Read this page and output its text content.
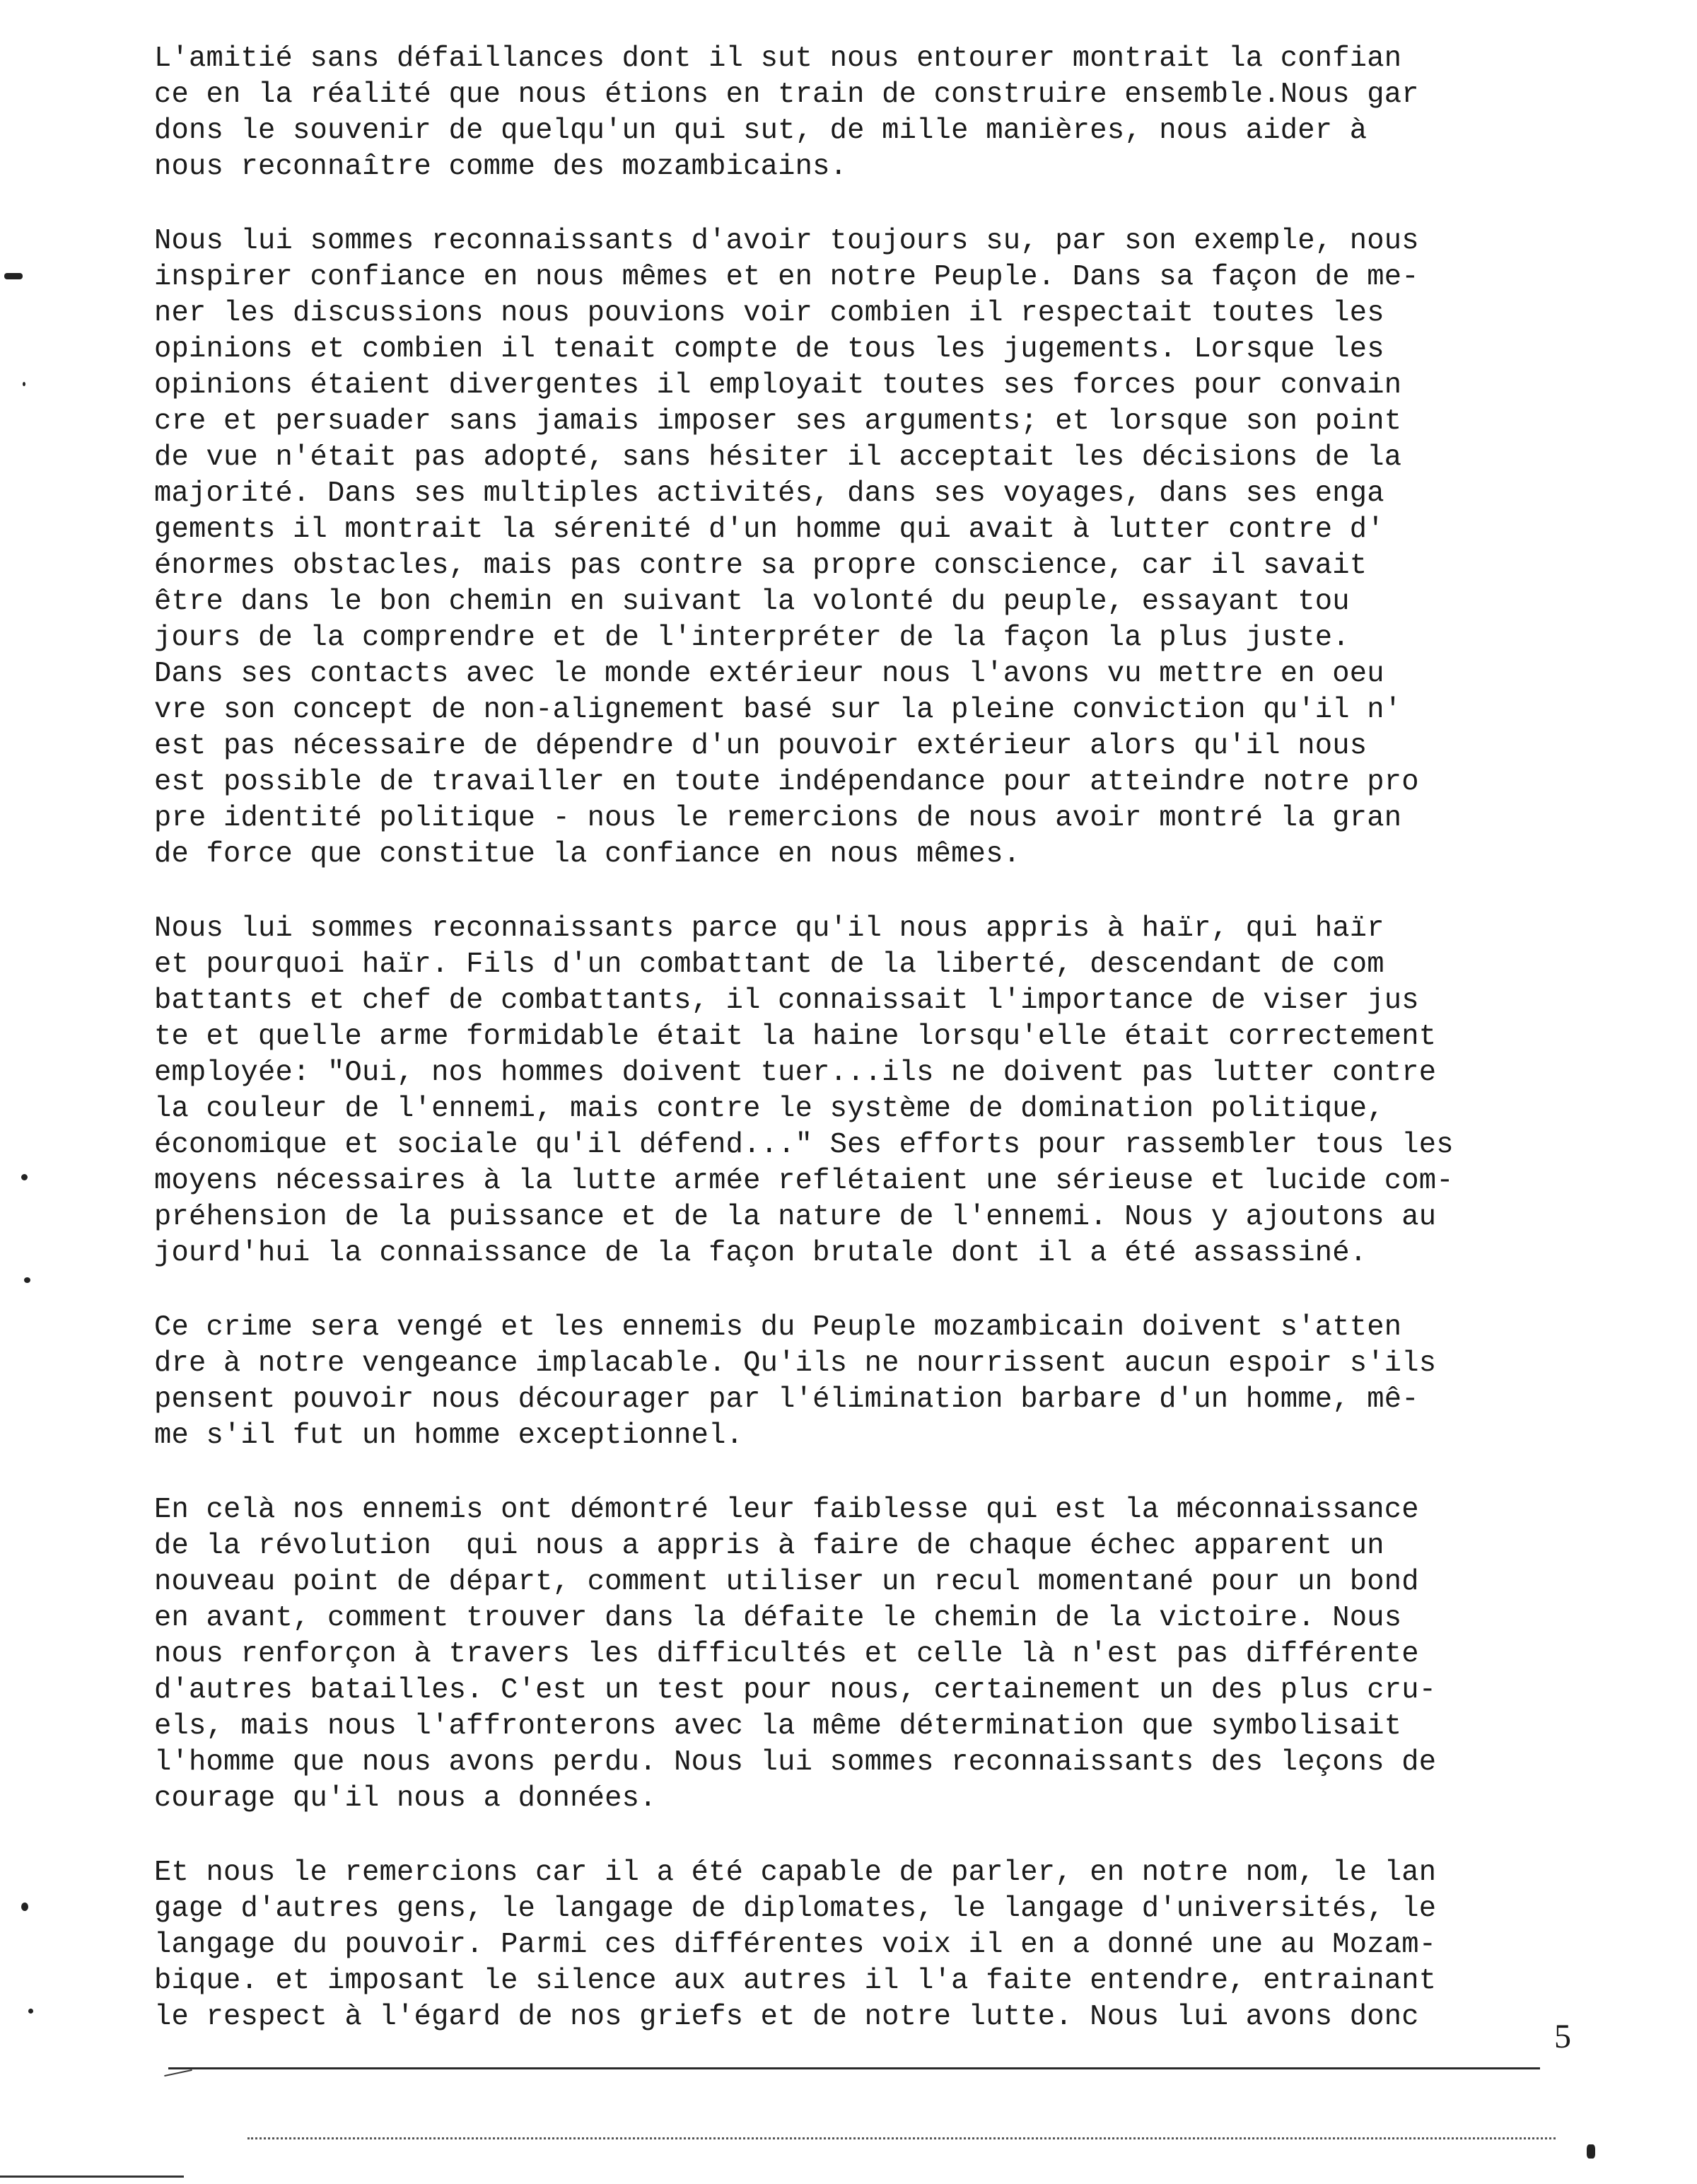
L'amitié sans défaillances dont il sut nous entourer montrait la confian
ce en la réalité que nous étions en train de construire ensemble.Nous gar
dons le souvenir de quelqu'un qui sut, de mille manières, nous aider à
nous reconnaître comme des mozambicains.

Nous lui sommes reconnaissants d'avoir toujours su, par son exemple, nous
inspirer confiance en nous mêmes et en notre Peuple. Dans sa façon de me-
ner les discussions nous pouvions voir combien il respectait toutes les
opinions et combien il tenait compte de tous les jugements. Lorsque les
opinions étaient divergentes il employait toutes ses forces pour convain
cre et persuader sans jamais imposer ses arguments; et lorsque son point
de vue n'était pas adopté, sans hésiter il acceptait les décisions de la
majorité. Dans ses multiples activités, dans ses voyages, dans ses enga
gements il montrait la sérenité d'un homme qui avait à lutter contre d'
énormes obstacles, mais pas contre sa propre conscience, car il savait
être dans le bon chemin en suivant la volonté du peuple, essayant tou
jours de la comprendre et de l'interpréter de la façon la plus juste.
Dans ses contacts avec le monde extérieur nous l'avons vu mettre en oeu
vre son concept de non-alignement basé sur la pleine conviction qu'il n'
est pas nécessaire de dépendre d'un pouvoir extérieur alors qu'il nous
est possible de travailler en toute indépendance pour atteindre notre pro
pre identité politique - nous le remercions de nous avoir montré la gran
de force que constitue la confiance en nous mêmes.

Nous lui sommes reconnaissants parce qu'il nous appris à haïr, qui haïr
et pourquoi haïr. Fils d'un combattant de la liberté, descendant de com
battants et chef de combattants, il connaissait l'importance de viser jus
te et quelle arme formidable était la haine lorsqu'elle était correctement
employée: "Oui, nos hommes doivent tuer...ils ne doivent pas lutter contre
la couleur de l'ennemi, mais contre le système de domination politique,
économique et sociale qu'il défend..." Ses efforts pour rassembler tous les
moyens nécessaires à la lutte armée reflétaient une sérieuse et lucide com-
préhension de la puissance et de la nature de l'ennemi. Nous y ajoutons au
jourd'hui la connaissance de la façon brutale dont il a été assassiné.

Ce crime sera vengé et les ennemis du Peuple mozambicain doivent s'atten
dre à notre vengeance implacable. Qu'ils ne nourrissent aucun espoir s'ils
pensent pouvoir nous décourager par l'élimination barbare d'un homme, mê-
me s'il fut un homme exceptionnel.

En celà nos ennemis ont démontré leur faiblesse qui est la méconnaissance
de la révolution  qui nous a appris à faire de chaque échec apparent un
nouveau point de départ, comment utiliser un recul momentané pour un bond
en avant, comment trouver dans la défaite le chemin de la victoire. Nous
nous renforçon à travers les difficultés et celle là n'est pas différente
d'autres batailles. C'est un test pour nous, certainement un des plus cru-
els, mais nous l'affronterons avec la même détermination que symbolisait
l'homme que nous avons perdu. Nous lui sommes reconnaissants des leçons de
courage qu'il nous a données.

Et nous le remercions car il a été capable de parler, en notre nom, le lan
gage d'autres gens, le langage de diplomates, le langage d'universités, le
langage du pouvoir. Parmi ces différentes voix il en a donné une au Mozam-
bique. et imposant le silence aux autres il l'a faite entendre, entrainant
le respect à l'égard de nos griefs et de notre lutte. Nous lui avons donc

5
